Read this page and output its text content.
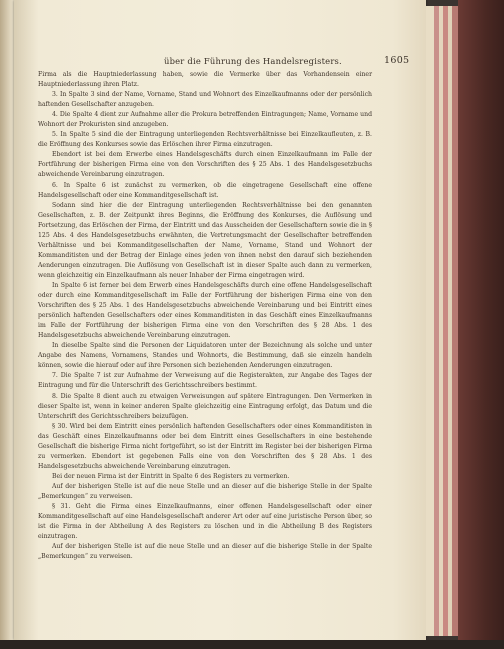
über die Führung des Handelsregisters.	1605

Firma als die Hauptniederlassung haben, sowie die Vermerke über das Vorhandensein einer Hauptniederlassung ihren Platz.

3. In Spalte 3 sind der Name, Vorname, Stand und Wohnort des Einzelkaufmanns oder der persönlich haftenden Gesellschafter anzugeben.

4. Die Spalte 4 dient zur Aufnahme aller die Prokura betreffenden Eintragungen; Name, Vorname und Wohnort der Prokuristen sind anzugeben.

5. In Spalte 5 sind die der Eintragung unterliegenden Rechtsverhältnisse bei Einzelkaufleuten, z. B. die Eröffnung des Konkurses sowie das Erlöschen ihrer Firma einzutragen.

Ebendort ist bei dem Erwerbe eines Handelsgeschäfts durch einen Einzelkaufmann im Falle der Fortführung der bisherigen Firma eine von den Vorschriften des § 25 Abs. 1 des Handelsgesetzbuchs abweichende Vereinbarung einzutragen.

6. In Spalte 6 ist zunächst zu vermerken, ob die eingetragene Gesellschaft eine offene Handelsgesellschaft oder eine Kommanditgesellschaft ist.

Sodann sind hier die der Eintragung unterliegenden Rechtsverhältnisse bei den genannten Gesellschaften, z. B. der Zeitpunkt ihres Beginns, die Eröffnung des Konkurses, die Auflösung und Fortsetzung, das Erlöschen der Firma, der Eintritt und das Ausscheiden der Gesellschaftern sowie die in § 125 Abs. 4 des Handelsgesetzbuchs erwähnten, die Vertretungsmacht der Gesellschafter betreffenden Verhältnisse und bei Kommanditgesellschaften der Name, Vorname, Stand und Wohnort der Kommanditisten und der Betrag der Einlage eines jeden von ihnen nebst den darauf sich beziehenden Aenderungen einzutragen. Die Auflösung von Gesellschaft ist in dieser Spalte auch dann zu vermerken, wenn gleichzeitig ein Einzelkaufmann als neuer Inhaber der Firma eingetragen wird.

In Spalte 6 ist ferner bei dem Erwerb eines Handelsgeschäfts durch eine offene Handelsgesellschaft oder durch eine Kommanditgesellschaft im Falle der Fortführung der bisherigen Firma eine von den Vorschriften des § 25 Abs. 1 des Handelsgesetzbuchs abweichende Vereinbarung und bei Eintritt eines persönlich haftenden Gesellschafters oder eines Kommanditisten in das Geschäft eines Einzelkaufmanns im Falle der Fortführung der bisherigen Firma eine von den Vorschriften des § 28 Abs. 1 des Handelsgesetzbuchs abweichende Vereinbarung einzutragen.

In dieselbe Spalte sind die Personen der Liquidatoren unter der Bezeichnung als solche und unter Angabe des Namens, Vornamens, Standes und Wohnorts, die Bestimmung, daß sie einzeln handeln können, sowie die hierauf oder auf ihre Personen sich beziehenden Aenderungen einzutragen.

7. Die Spalte 7 ist zur Aufnahme der Verweisung auf die Registerakten, zur Angabe des Tages der Eintragung und für die Unterschrift des Gerichtsschreibers bestimmt.

8. Die Spalte 8 dient auch zu etwaigen Verweisungen auf spätere Eintragungen. Den Vermerken in dieser Spalte ist, wenn in keiner anderen Spalte gleichzeitig eine Eintragung erfolgt, das Datum und die Unterschrift des Gerichtsschreibers beizufügen.

§ 30. Wird bei dem Eintritt eines persönlich haftenden Gesellschafters oder eines Kommanditisten in das Geschäft eines Einzelkaufmanns oder bei dem Eintritt eines Gesellschafters in eine bestehende Gesellschaft die bisherige Firma nicht fortgeführt, so ist der Eintritt im Register bei der bisherigen Firma zu vermerken. Ebendort ist gegebenen Falls eine von den Vorschriften des § 28 Abs. 1 des Handelsgesetzbuchs abweichende Vereinbarung einzutragen.

Bei der neuen Firma ist der Eintritt in Spalte 6 des Registers zu vermerken.

Auf der bisherigen Stelle ist auf die neue Stelle und an dieser auf die bisherige Stelle in der Spalte „Bemerkungen“ zu verweisen.

§ 31. Geht die Firma eines Einzelkaufmanns, einer offenen Handelsgesellschaft oder einer Kommanditgesellschaft auf eine Handelsgesellschaft anderer Art oder auf eine juristische Person über, so ist die Firma in der Abtheilung A des Registers zu löschen und in die Abtheilung B des Registers einzutragen.

Auf der bisherigen Stelle ist auf die neue Stelle und an dieser auf die bisherige Stelle in der Spalte „Bemerkungen“ zu verweisen.
